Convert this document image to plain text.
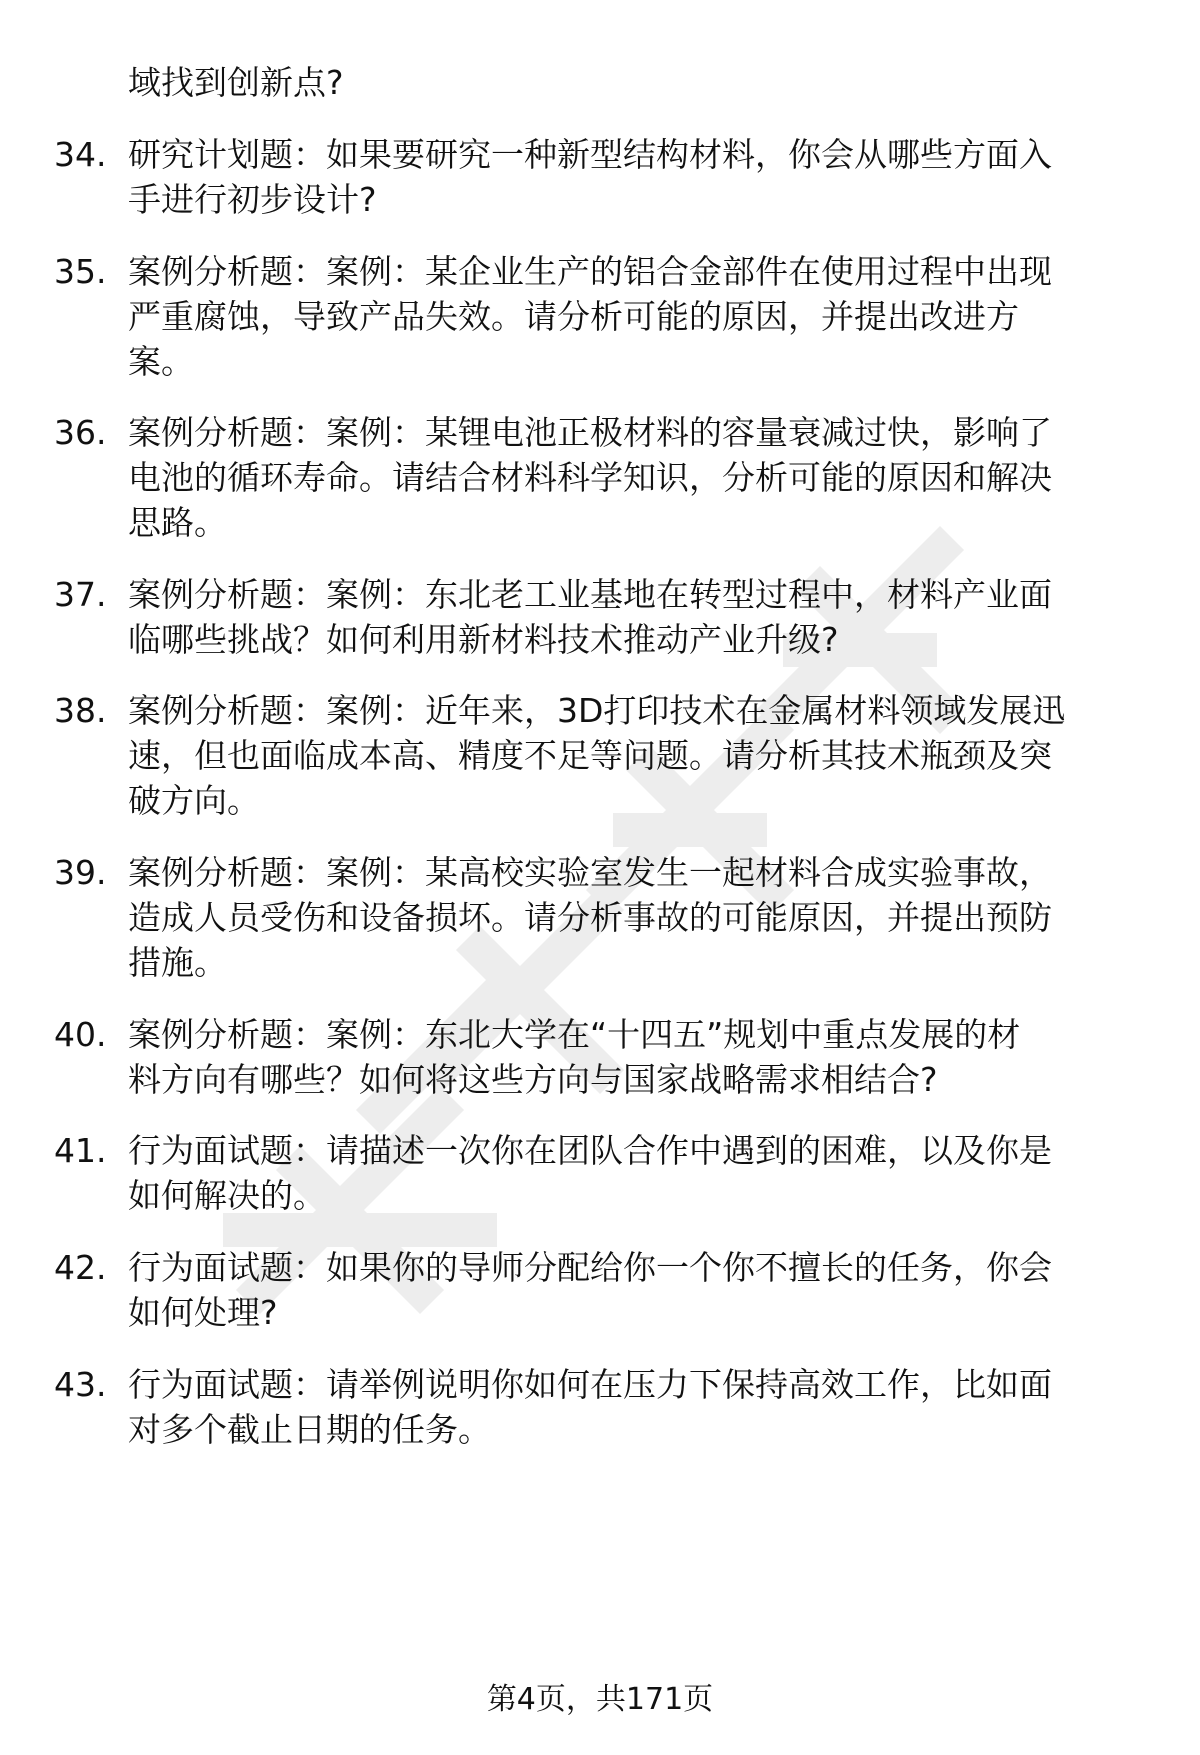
域找到创新点?
34. 研究计划题：如果要研究一种新型结构材料，你会从哪些方面入
手进行初步设计?
35. 案例分析题：案例：某企业生产的铝合金部件在使用过程中出现
严重腐蚀，导致产品失效。请分析可能的原因，并提出改进方
案。
36. 案例分析题：案例：某锂电池正极材料的容量衰减过快，影响了
电池的循环寿命。请结合材料科学知识，分析可能的原因和解决
思路。
37. 案例分析题：案例：东北老工业基地在转型过程中，材料产业面
临哪些挑战？如何利用新材料技术推动产业升级?
38. 案例分析题：案例：近年来，3D打印技术在金属材料领域发展迅
速，但也面临成本高、精度不足等问题。请分析其技术瓶颈及突
破方向。
39. 案例分析题：案例：某高校实验室发生一起材料合成实验事故，
造成人员受伤和设备损坏。请分析事故的可能原因，并提出预防
措施。
40. 案例分析题：案例：东北大学在“十四五”规划中重点发展的材
料方向有哪些？如何将这些方向与国家战略需求相结合?
41. 行为面试题：请描述一次你在团队合作中遇到的困难，以及你是
如何解决的。
42. 行为面试题：如果你的导师分配给你一个你不擅长的任务，你会
如何处理?
43. 行为面试题：请举例说明你如何在压力下保持高效工作，比如面
对多个截止日期的任务。
第4页，共171页
